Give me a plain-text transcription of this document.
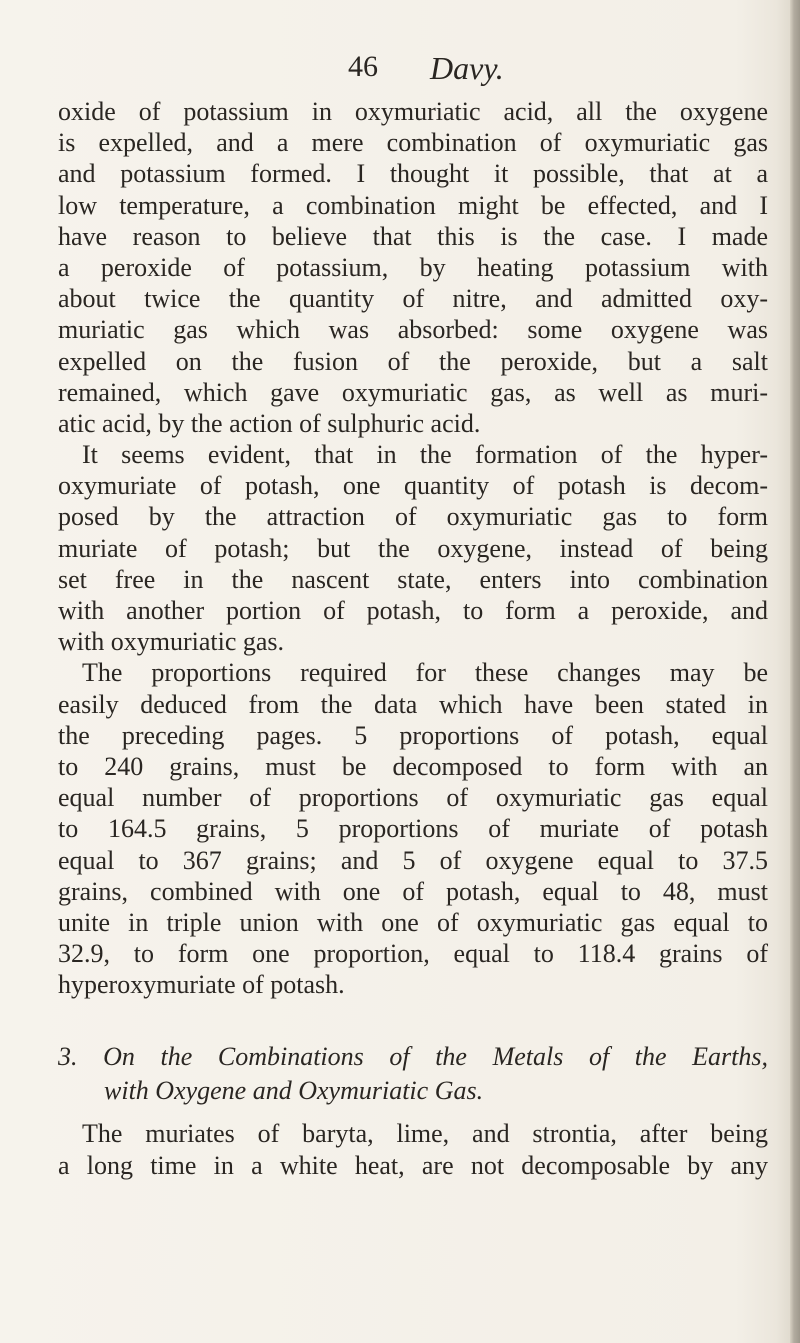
46 Davy.
oxide of potassium in oxymuriatic acid, all the oxygene
is expelled, and a mere combination of oxymuriatic gas
and potassium formed. I thought it possible, that at a
low temperature, a combination might be effected, and I
have reason to believe that this is the case. I made
a peroxide of potassium, by heating potassium with
about twice the quantity of nitre, and admitted oxy-
muriatic gas which was absorbed: some oxygene was
expelled on the fusion of the peroxide, but a salt
remained, which gave oxymuriatic gas, as well as muri-
atic acid, by the action of sulphuric acid.
It seems evident, that in the formation of the hyper-
oxymuriate of potash, one quantity of potash is decom-
posed by the attraction of oxymuriatic gas to form
muriate of potash; but the oxygene, instead of being
set free in the nascent state, enters into combination
with another portion of potash, to form a peroxide, and
with oxymuriatic gas.
The proportions required for these changes may be
easily deduced from the data which have been stated in
the preceding pages. 5 proportions of potash, equal
to 240 grains, must be decomposed to form with an
equal number of proportions of oxymuriatic gas equal
to 164.5 grains, 5 proportions of muriate of potash
equal to 367 grains; and 5 of oxygene equal to 37.5
grains, combined with one of potash, equal to 48, must
unite in triple union with one of oxymuriatic gas equal to
32.9, to form one proportion, equal to 118.4 grains of
hyperoxymuriate of potash.
3. On the Combinations of the Metals of the Earths,
with Oxygene and Oxymuriatic Gas.
The muriates of baryta, lime, and strontia, after being
a long time in a white heat, are not decomposable by any
